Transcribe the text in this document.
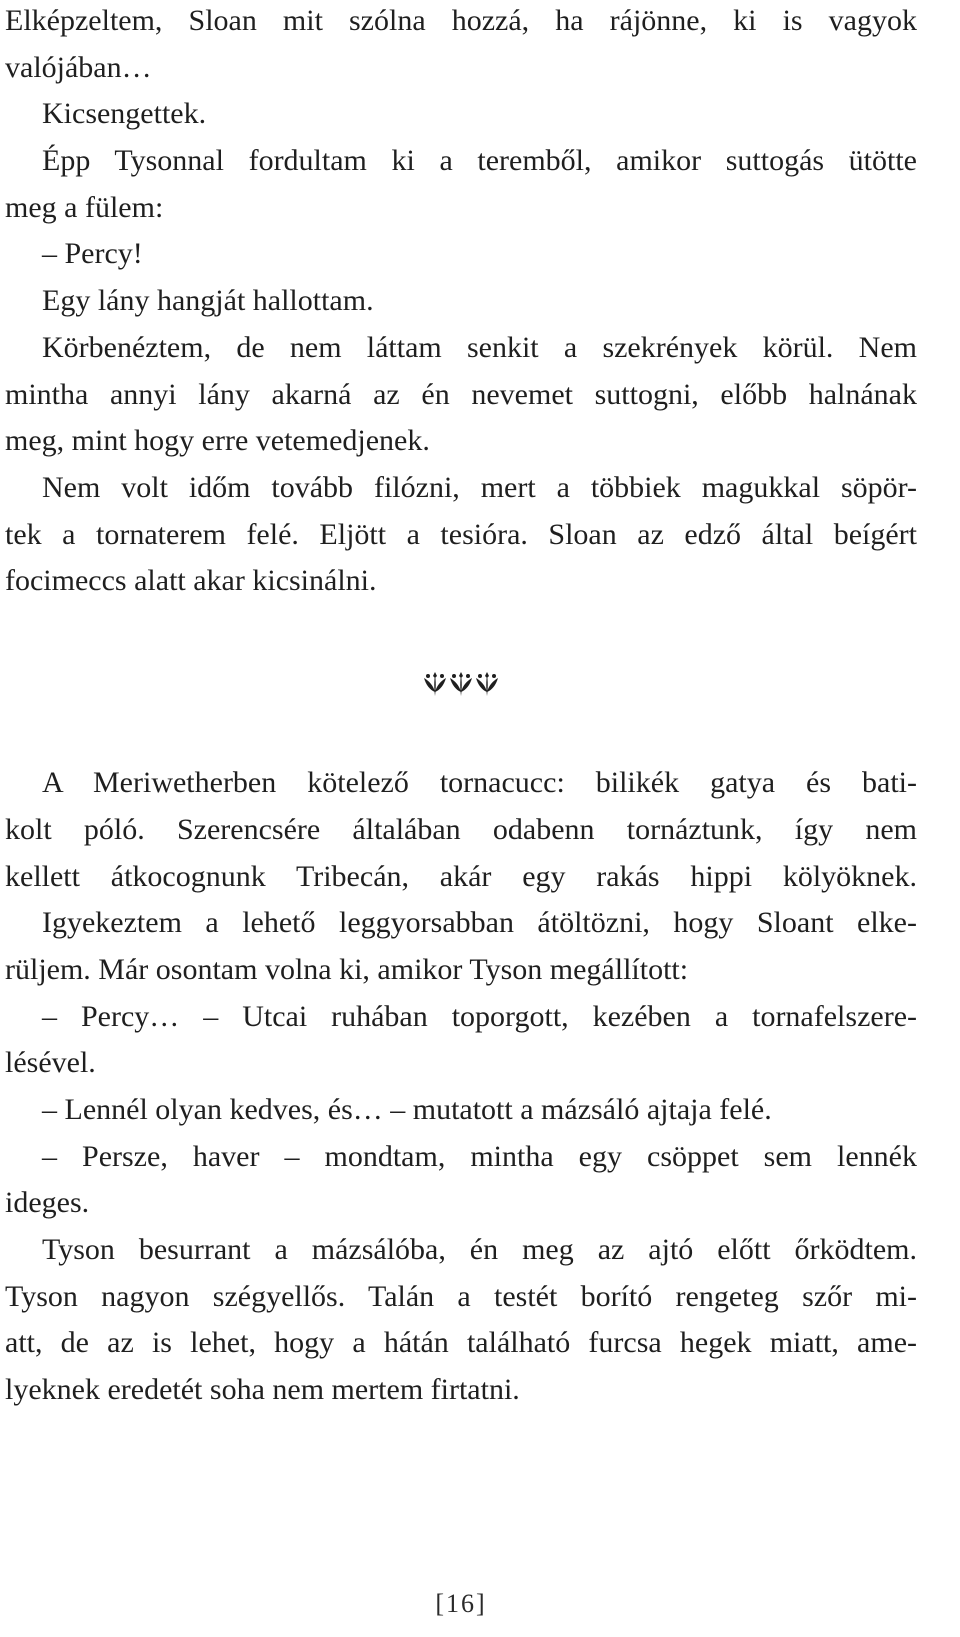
Elképzeltem, Sloan mit szólna hozzá, ha rájönne, ki is vagyok
valójában…
Kicsengettek.
Épp Tysonnal fordultam ki a teremből, amikor suttogás ütötte
meg a fülem:
– Percy!
Egy lány hangját hallottam.
Körbenéztem, de nem láttam senkit a szekrények körül. Nem
mintha annyi lány akarná az én nevemet suttogni, előbb halnának
meg, mint hogy erre vetemedjenek.
Nem volt időm tovább filózni, mert a többiek magukkal söpör-
tek a tornaterem felé. Eljött a tesióra. Sloan az edző által beígért
focimeccs alatt akar kicsinálni.
A Meriwetherben kötelező tornacucc: bilikék gatya és bati-
kolt póló. Szerencsére általában odabenn tornáztunk, így nem
kellett átkocognunk Tribecán, akár egy rakás hippi kölyöknek.
Igyekeztem a lehető leggyorsabban átöltözni, hogy Sloant elke-
rüljem. Már osontam volna ki, amikor Tyson megállított:
– Percy… – Utcai ruhában toporgott, kezében a tornafelszere-
lésével.
– Lennél olyan kedves, és… – mutatott a mázsáló ajtaja felé.
– Persze, haver – mondtam, mintha egy csöppet sem lennék
ideges.
Tyson besurrant a mázsálóba, én meg az ajtó előtt őrködtem.
Tyson nagyon szégyellős. Talán a testét borító rengeteg szőr mi-
att, de az is lehet, hogy a hátán található furcsa hegek miatt, ame-
lyeknek eredetét soha nem mertem firtatni.
[16]
